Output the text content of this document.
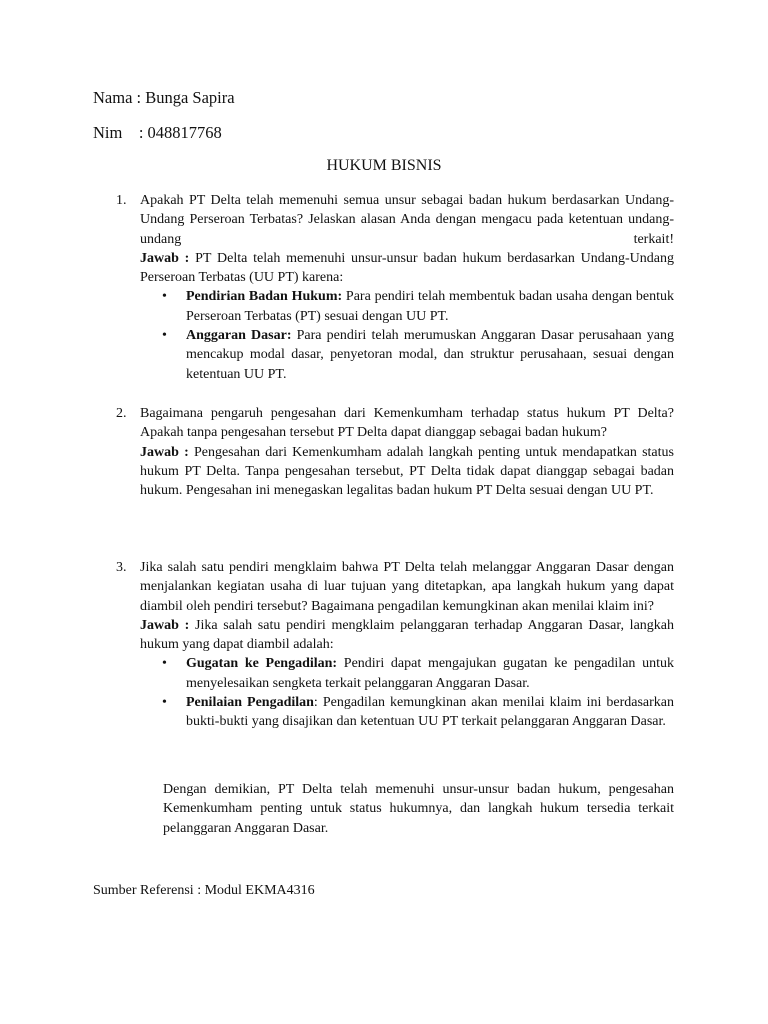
Nama : Bunga Sapira
Nim    : 048817768
HUKUM BISNIS
1. Apakah PT Delta telah memenuhi semua unsur sebagai badan hukum berdasarkan Undang-Undang Perseroan Terbatas? Jelaskan alasan Anda dengan mengacu pada ketentuan undang-undang terkait!

Jawab : PT Delta telah memenuhi unsur-unsur badan hukum berdasarkan Undang-Undang Perseroan Terbatas (UU PT) karena:

• Pendirian Badan Hukum: Para pendiri telah membentuk badan usaha dengan bentuk Perseroan Terbatas (PT) sesuai dengan UU PT.
• Anggaran Dasar: Para pendiri telah merumuskan Anggaran Dasar perusahaan yang mencakup modal dasar, penyetoran modal, dan struktur perusahaan, sesuai dengan ketentuan UU PT.
2. Bagaimana pengaruh pengesahan dari Kemenkumham terhadap status hukum PT Delta? Apakah tanpa pengesahan tersebut PT Delta dapat dianggap sebagai badan hukum?

Jawab : Pengesahan dari Kemenkumham adalah langkah penting untuk mendapatkan status hukum PT Delta. Tanpa pengesahan tersebut, PT Delta tidak dapat dianggap sebagai badan hukum. Pengesahan ini menegaskan legalitas badan hukum PT Delta sesuai dengan UU PT.

3. Jika salah satu pendiri mengklaim bahwa PT Delta telah melanggar Anggaran Dasar dengan menjalankan kegiatan usaha di luar tujuan yang ditetapkan, apa langkah hukum yang dapat diambil oleh pendiri tersebut? Bagaimana pengadilan kemungkinan akan menilai klaim ini?

Jawab : Jika salah satu pendiri mengklaim pelanggaran terhadap Anggaran Dasar, langkah hukum yang dapat diambil adalah:

• Gugatan ke Pengadilan: Pendiri dapat mengajukan gugatan ke pengadilan untuk menyelesaikan sengketa terkait pelanggaran Anggaran Dasar.
• Penilaian Pengadilan: Pengadilan kemungkinan akan menilai klaim ini berdasarkan bukti-bukti yang disajikan dan ketentuan UU PT terkait pelanggaran Anggaran Dasar.

Dengan demikian, PT Delta telah memenuhi unsur-unsur badan hukum, pengesahan Kemenkumham penting untuk status hukumnya, dan langkah hukum tersedia terkait pelanggaran Anggaran Dasar.

Sumber Referensi : Modul EKMA4316
